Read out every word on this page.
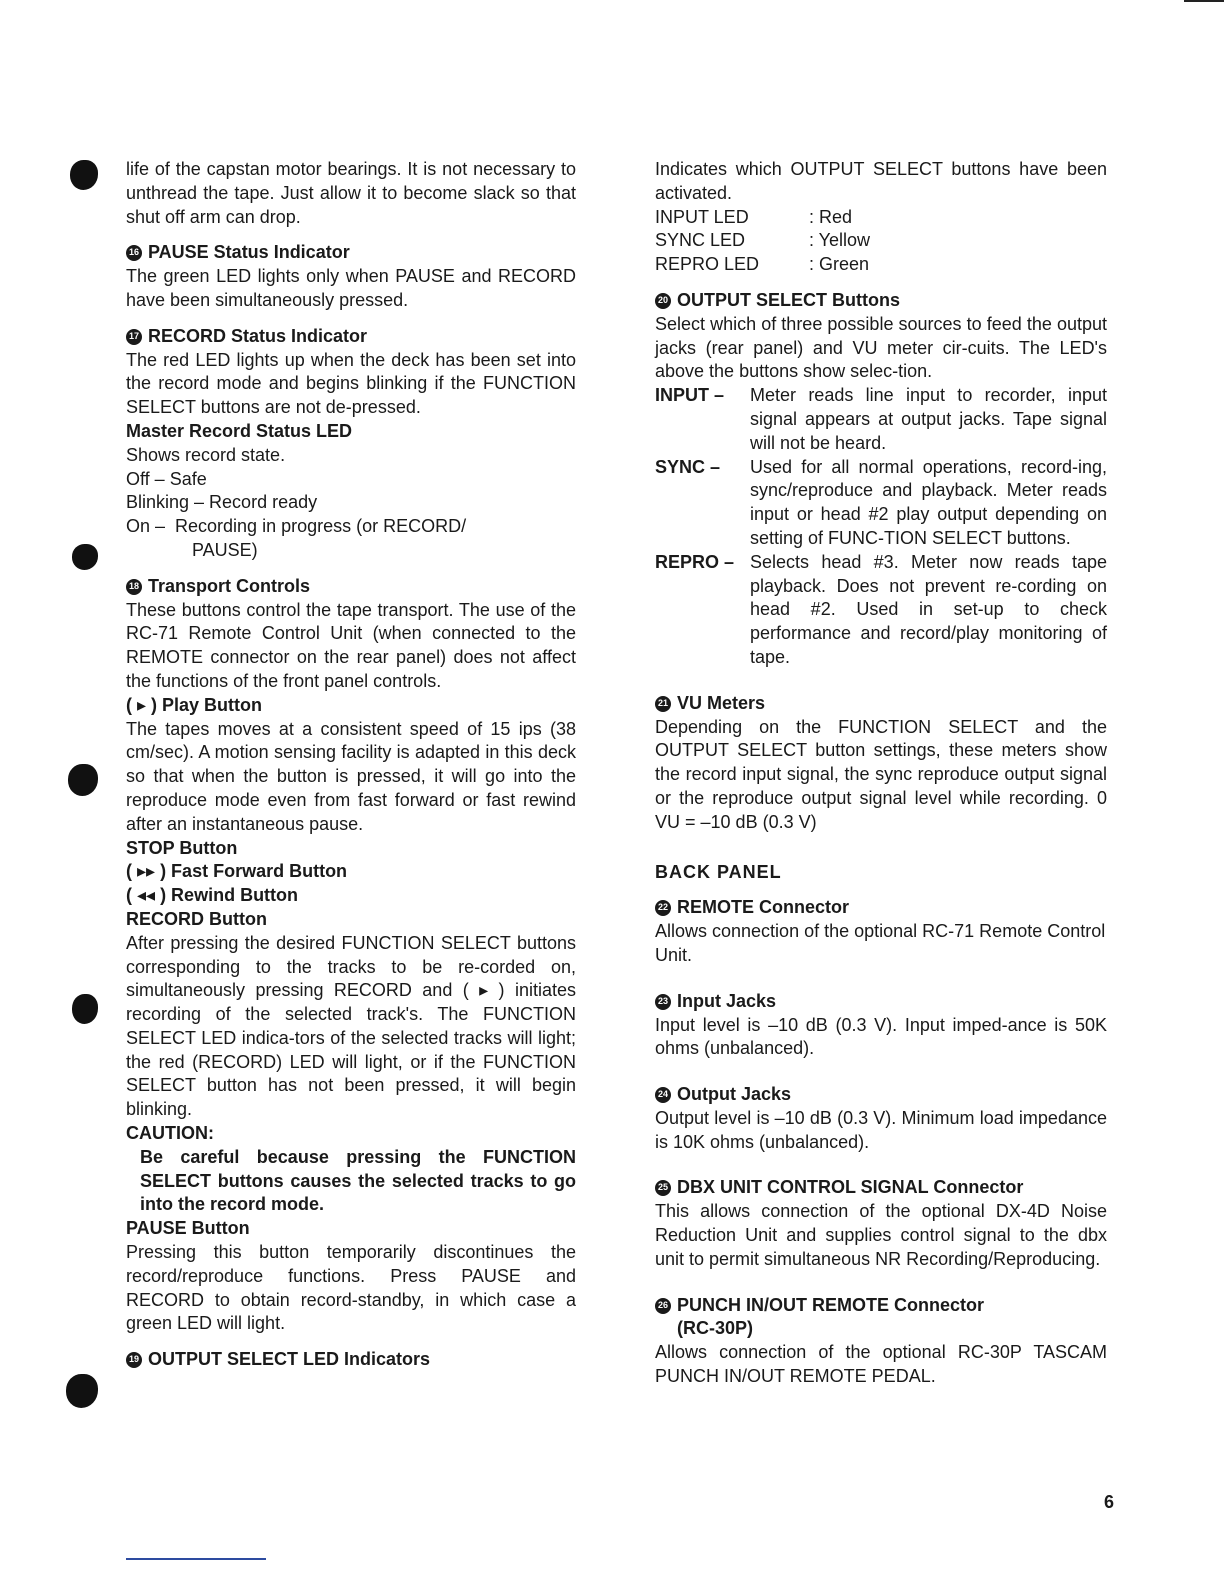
life of the capstan motor bearings. It is not necessary to unthread the tape. Just allow it to become slack so that shut off arm can drop.

16 PAUSE Status Indicator

The green LED lights only when PAUSE and RECORD have been simultaneously pressed.

17 RECORD Status Indicator

The red LED lights up when the deck has been set into the record mode and begins blinking if the FUNCTION SELECT buttons are not de-pressed.

Master Record Status LED

Shows record state.

Off – Safe

Blinking – Record ready

On –  Recording in progress (or RECORD/

PAUSE)

18 Transport Controls

These buttons control the tape transport. The use of the RC-71 Remote Control Unit (when connected to the REMOTE connector on the rear panel) does not affect the functions of the front panel controls.

( ▸ ) Play Button

The tapes moves at a consistent speed of 15 ips (38 cm/sec). A motion sensing facility is adapted in this deck so that when the button is pressed, it will go into the reproduce mode even from fast forward or fast rewind after an instantaneous pause.

STOP Button

( ▸▸ ) Fast Forward Button

( ◂◂ ) Rewind Button

RECORD Button

After pressing the desired FUNCTION SELECT buttons corresponding to the tracks to be re-corded on, simultaneously pressing RECORD and ( ▸ ) initiates recording of the selected track's. The FUNCTION SELECT LED indica-tors of the selected tracks will light; the red (RECORD) LED will light, or if the FUNCTION SELECT button has not been pressed, it will begin blinking.

CAUTION:

Be careful because pressing the FUNCTION SELECT buttons causes the selected tracks to go into the record mode.

PAUSE Button

Pressing this button temporarily discontinues the record/reproduce functions. Press PAUSE and RECORD to obtain record-standby, in which case a green LED will light.

19 OUTPUT SELECT LED Indicators

Indicates which OUTPUT SELECT buttons have been activated.

INPUT LED	: Red
SYNC LED	: Yellow
REPRO LED	: Green
20 OUTPUT SELECT Buttons

Select which of three possible sources to feed the output jacks (rear panel) and VU meter cir-cuits. The LED's above the buttons show selec-tion.

INPUT –	Meter reads line input to recorder, input signal appears at output jacks. Tape signal will not be heard.
SYNC –	Used for all normal operations, record-ing, sync/reproduce and playback. Meter reads input or head #2 play output depending on setting of FUNC-TION SELECT buttons.
REPRO – Selects head #3. Meter now reads tape playback. Does not prevent re-cording on head #2. Used in set-up to check performance and record/play monitoring of tape.
21 VU Meters

Depending on the FUNCTION SELECT and the OUTPUT SELECT button settings, these meters show the record input signal, the sync reproduce output signal or the reproduce output signal level while recording. 0 VU = –10 dB (0.3 V)

BACK PANEL

22 REMOTE Connector

Allows connection of the optional RC-71 Remote Control Unit.

23 Input Jacks

Input level is –10 dB (0.3 V). Input imped-ance is 50K ohms (unbalanced).

24 Output Jacks

Output level is –10 dB (0.3 V). Minimum load impedance is 10K ohms (unbalanced).

25 DBX UNIT CONTROL SIGNAL Connector

This allows connection of the optional DX-4D Noise Reduction Unit and supplies control signal to the dbx unit to permit simultaneous NR Recording/Reproducing.

26 PUNCH IN/OUT REMOTE Connector

(RC-30P)

Allows connection of the optional RC-30P TASCAM PUNCH IN/OUT REMOTE PEDAL.

6
